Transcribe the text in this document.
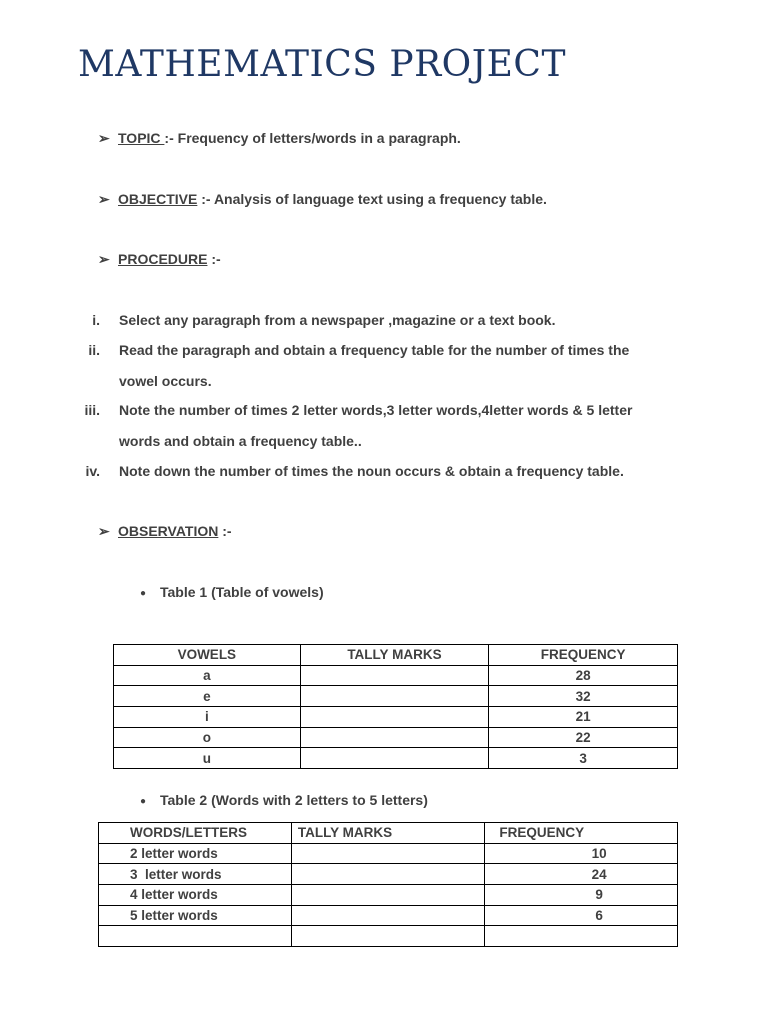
MATHEMATICS PROJECT
➢ TOPIC :- Frequency of letters/words in a paragraph.
➢ OBJECTIVE :- Analysis of language text using a frequency table.
➢ PROCEDURE :-
i. Select any paragraph from a newspaper ,magazine or a text book.
ii. Read the paragraph and obtain a frequency table for the number of times the
vowel occurs.
iii. Note the number of times 2 letter words,3 letter words,4letter words & 5 letter
words and obtain a frequency table..
iv. Note down the number of times the noun occurs & obtain a frequency table.
➢ OBSERVATION :-
● Table 1 (Table of vowels)
VOWELS	TALLY MARKS	FREQUENCY
a		28
e		32
i		21
o		22
u		3
● Table 2 (Words with 2 letters to 5 letters)
WORDS/LETTERS	TALLY MARKS	FREQUENCY
2 letter words		10
3  letter words		24
4 letter words		9
5 letter words		6
